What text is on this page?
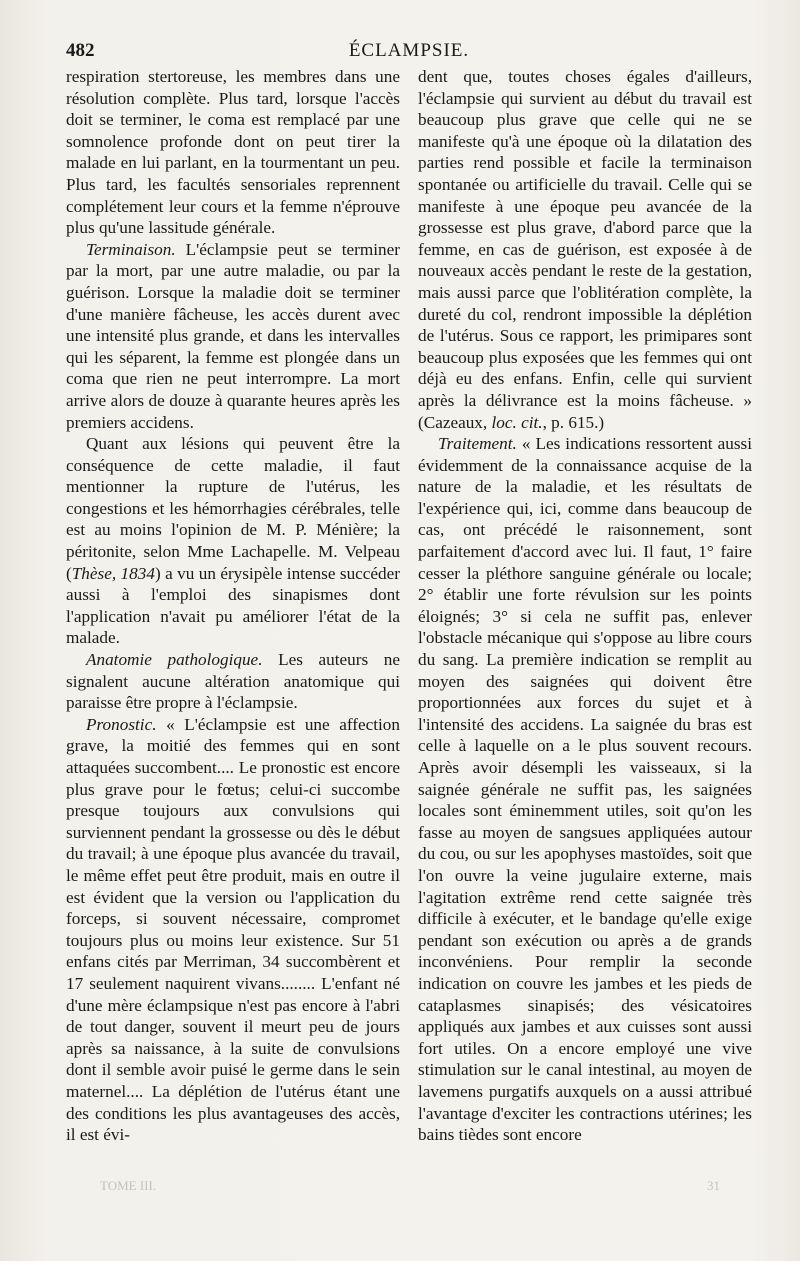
482	ÉCLAMPSIE.

respiration stertoreuse, les membres dans une résolution complète. Plus tard, lorsque l'accès doit se terminer, le coma est remplacé par une somnolence profonde dont on peut tirer la malade en lui parlant, en la tourmentant un peu. Plus tard, les facultés sensoriales reprennent complétement leur cours et la femme n'éprouve plus qu'une lassitude générale.

Terminaison. L'éclampsie peut se terminer par la mort, par une autre maladie, ou par la guérison. Lorsque la maladie doit se terminer d'une manière fâcheuse, les accès durent avec une intensité plus grande, et dans les intervalles qui les séparent, la femme est plongée dans un coma que rien ne peut interrompre. La mort arrive alors de douze à quarante heures après les premiers accidens.

Quant aux lésions qui peuvent être la conséquence de cette maladie, il faut mentionner la rupture de l'utérus, les congestions et les hémorrhagies cérébrales, telle est au moins l'opinion de M. P. Ménière; la péritonite, selon Mme Lachapelle. M. Velpeau (Thèse, 1834) a vu un érysipèle intense succéder aussi à l'emploi des sinapismes dont l'application n'avait pu améliorer l'état de la malade.

Anatomie pathologique. Les auteurs ne signalent aucune altération anatomique qui paraisse être propre à l'éclampsie.

Pronostic. « L'éclampsie est une affection grave, la moitié des femmes qui en sont attaquées succombent.... Le pronostic est encore plus grave pour le fœtus; celui-ci succombe presque toujours aux convulsions qui surviennent pendant la grossesse ou dès le début du travail; à une époque plus avancée du travail, le même effet peut être produit, mais en outre il est évident que la version ou l'application du forceps, si souvent nécessaire, compromet toujours plus ou moins leur existence. Sur 51 enfans cités par Merriman, 34 succombèrent et 17 seulement naquirent vivans........ L'enfant né d'une mère éclampsique n'est pas encore à l'abri de tout danger, souvent il meurt peu de jours après sa naissance, à la suite de convulsions dont il semble avoir puisé le germe dans le sein maternel.... La déplétion de l'utérus étant une des conditions les plus avantageuses des accès, il est évi-

dent que, toutes choses égales d'ailleurs, l'éclampsie qui survient au début du travail est beaucoup plus grave que celle qui ne se manifeste qu'à une époque où la dilatation des parties rend possible et facile la terminaison spontanée ou artificielle du travail. Celle qui se manifeste à une époque peu avancée de la grossesse est plus grave, d'abord parce que la femme, en cas de guérison, est exposée à de nouveaux accès pendant le reste de la gestation, mais aussi parce que l'oblitération complète, la dureté du col, rendront impossible la déplétion de l'utérus. Sous ce rapport, les primipares sont beaucoup plus exposées que les femmes qui ont déjà eu des enfans. Enfin, celle qui survient après la délivrance est la moins fâcheuse. » (Cazeaux, loc. cit., p. 615.)

Traitement. « Les indications ressortent aussi évidemment de la connaissance acquise de la nature de la maladie, et les résultats de l'expérience qui, ici, comme dans beaucoup de cas, ont précédé le raisonnement, sont parfaitement d'accord avec lui. Il faut, 1° faire cesser la pléthore sanguine générale ou locale; 2° établir une forte révulsion sur les points éloignés; 3° si cela ne suffit pas, enlever l'obstacle mécanique qui s'oppose au libre cours du sang. La première indication se remplit au moyen des saignées qui doivent être proportionnées aux forces du sujet et à l'intensité des accidens. La saignée du bras est celle à laquelle on a le plus souvent recours. Après avoir désempli les vaisseaux, si la saignée générale ne suffit pas, les saignées locales sont éminemment utiles, soit qu'on les fasse au moyen de sangsues appliquées autour du cou, ou sur les apophyses mastoïdes, soit que l'on ouvre la veine jugulaire externe, mais l'agitation extrême rend cette saignée très difficile à exécuter, et le bandage qu'elle exige pendant son exécution ou après a de grands inconvéniens. Pour remplir la seconde indication on couvre les jambes et les pieds de cataplasmes sinapisés; des vésicatoires appliqués aux jambes et aux cuisses sont aussi fort utiles. On a encore employé une vive stimulation sur le canal intestinal, au moyen de lavemens purgatifs auxquels on a aussi attribué l'avantage d'exciter les contractions utérines; les bains tièdes sont encore

TOME III.	31
